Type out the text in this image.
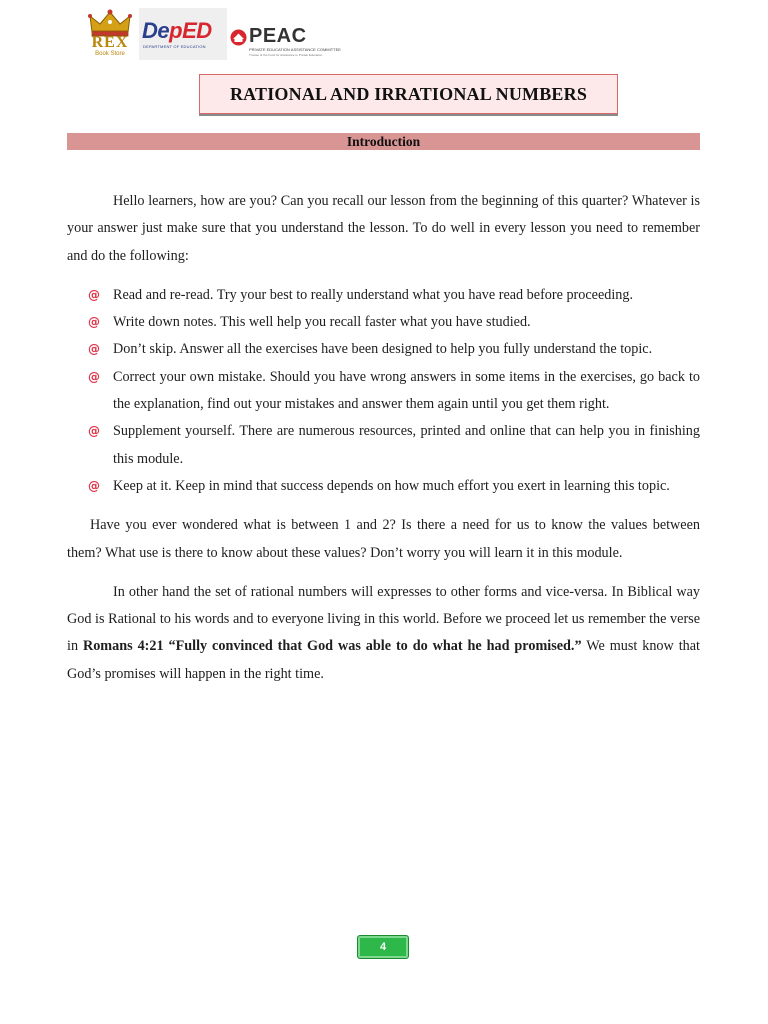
REX
Book Store
DepED
DEPARTMENT OF EDUCATION PEAC
PRIVATE EDUCATION ASSISTANCE COMMITTEE
Trustee of the Fund for Assistance to Private Education
RATIONAL AND IRRATIONAL NUMBERS
Introduction

Hello learners, how are you? Can you recall our lesson from the beginning of this quarter? Whatever is your answer just make sure that you understand the lesson. To do well in every lesson you need to remember and do the following:

@ Read and re-read. Try your best to really understand what you have read before proceeding.
@ Write down notes. This well help you recall faster what you have studied.
@ Don’t skip. Answer all the exercises have been designed to help you fully understand the topic.
@ Correct your own mistake. Should you have wrong answers in some items in the exercises, go back to the explanation, find out your mistakes and answer them again until you get them right.
@ Supplement yourself. There are numerous resources, printed and online that can help you in finishing this module.
@ Keep at it. Keep in mind that success depends on how much effort you exert in learning this topic.

Have you ever wondered what is between 1 and 2? Is there a need for us to know the values between them? What use is there to know about these values? Don’t worry you will learn it in this module.

In other hand the set of rational numbers will expresses to other forms and vice-versa. In Biblical way God is Rational to his words and to everyone living in this world. Before we proceed let us remember the verse in Romans 4:21 “Fully convinced that God was able to do what he had promised.” We must know that God’s promises will happen in the right time.

4
